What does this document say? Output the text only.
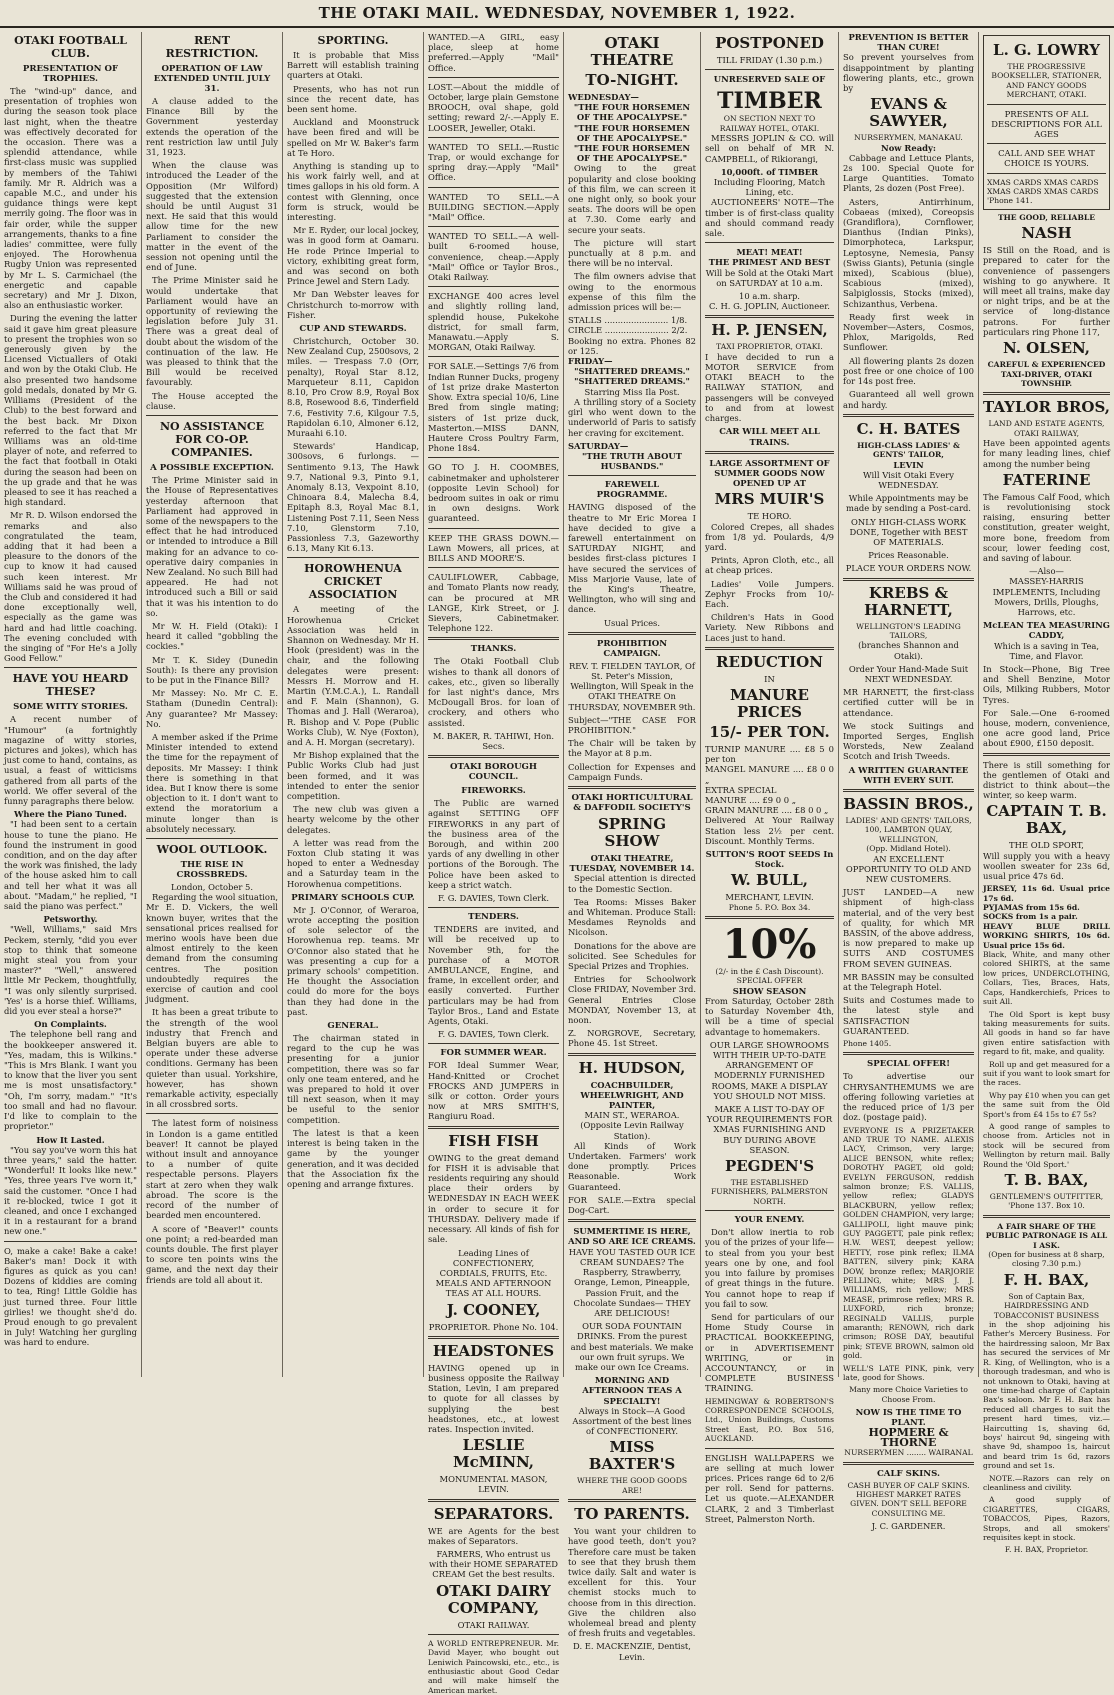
THE OTAKI MAIL. WEDNESDAY, NOVEMBER 1, 1922.
OTAKI FOOTBALL CLUB.
PRESENTATION OF TROPHIES.

The "wind-up" dance, and presentation of trophies won during the season took place last night, when the theatre was effectively decorated for the occasion. There was a splendid attendance, while first-class music was supplied by members of the Tahiwi family. Mr R. Aldrich was a capable M.C., and under his guidance things were kept merrily going. The floor was in fair order, while the supper arrangements, thanks to a fine ladies' committee, were fully enjoyed. The Horowhenua Rugby Union was represented by Mr L. S. Carmichael (the energetic and capable secretary) and Mr J. Dixon, also an enthusiastic worker.

During the evening the latter said it gave him great pleasure to present the trophies won so generously given by the Licensed Victuallers of Otaki and won by the Otaki Club. He also presented two handsome gold medals, donated by Mr G. Williams (President of the Club) to the best forward and the best back. Mr Dixon referred to the fact that Mr Williams was an old-time player of note, and referred to the fact that football in Otaki during the season had been on the up grade and that he was pleased to see it has reached a high standard.

Mr R. D. Wilson endorsed the remarks and also congratulated the team, adding that it had been a pleasure to the donors of the cup to know it had caused such keen interest. Mr Williams said he was proud of the Club and considered it had done exceptionally well, especially as the game was hard and had little coaching. The evening concluded with the singing of "For He's a Jolly Good Fellow."

HAVE YOU HEARD THESE?
SOME WITTY STORIES.

A recent number of "Humour" (a fortnightly magazine of witty stories, pictures and jokes), which has just come to hand, contains, as usual, a feast of witticisms gathered from all parts of the world. We offer several of the funny paragraphs there below.

Where the Piano Tuned.

"I had been sent to a certain house to tune the piano. He found the instrument in good condition, and on the day after the work was finished, the lady of the house asked him to call and tell her what it was all about. "Madam," he replied, "I said the piano was perfect."

Petsworthy.

"Well, Williams," said Mrs Peckem, sternly, "did you ever stop to think that someone might steal you from your master?" "Well," answered little Mr Peckem, thoughtfully, "I was only silently surprised. 'Yes' is a horse thief. Williams, did you ever steal a horse?"

On Complaints.

The telephone bell rang and the bookkeeper answered it. "Yes, madam, this is Wilkins." "This is Mrs Blank. I want you to know that the liver you sent me is most unsatisfactory." "Oh, I'm sorry, madam." "It's too small and had no flavour. I'd like to complain to the proprietor."

How It Lasted.

"You say you've worn this hat three years," said the hatter. "Wonderful! It looks like new." "Yes, three years I've worn it," said the customer. "Once I had it re-blocked, twice I got it cleaned, and once I exchanged it in a restaurant for a brand new one."

O, make a cake! Bake a cake! Baker's man! Dock it with figures as quick as you can! Dozens of kiddies are coming to tea, Ring! Little Goldie has just turned three. Four little girlies! we thought she'd do. Proud enough to go prevalent in July! Watching her gurgling was hard to endure.

RENT RESTRICTION.
OPERATION OF LAW EXTENDED UNTIL JULY 31.

A clause added to the Finance Bill by the Government yesterday extends the operation of the rent restriction law until July 31, 1923.

When the clause was introduced the Leader of the Opposition (Mr Wilford) suggested that the extension should be until August 31 next. He said that this would allow time for the new Parliament to consider the matter in the event of the session not opening until the end of June.

The Prime Minister said he would undertake that Parliament would have an opportunity of reviewing the legislation before July 31. There was a great deal of doubt about the wisdom of the continuation of the law. He was pleased to think that the Bill would be received favourably.

The House accepted the clause.

NO ASSISTANCE FOR CO-OP. COMPANIES.
A POSSIBLE EXCEPTION.

The Prime Minister said in the House of Representatives yesterday afternoon that Parliament had approved in some of the newspapers to the effect that he had introduced or intended to introduce a Bill making for an advance to co-operative dairy companies in New Zealand. No such Bill had appeared. He had not introduced such a Bill or said that it was his intention to do so.

Mr W. H. Field (Otaki): I heard it called "gobbling the cockies."

Mr T. K. Sidey (Dunedin South): Is there any provision to be put in the Finance Bill?

Mr Massey: No. Mr C. E. Statham (Dunedin Central): Any guarantee? Mr Massey: No.

A member asked if the Prime Minister intended to extend the time for the repayment of deposits. Mr Massey: I think there is something in that idea. But I know there is some objection to it. I don't want to extend the moratorium a minute longer than is absolutely necessary.

WOOL OUTLOOK.
THE RISE IN CROSSBREDS.
London, October 5.

Regarding the wool situation, Mr E. D. Vickers, the well known buyer, writes that the sensational prices realised for merino wools have been due almost entirely to the keen demand from the consuming centres. The position undoubtedly requires the exercise of caution and cool judgment.

It has been a great tribute to the strength of the wool industry that French and Belgian buyers are able to operate under these adverse conditions. Germany has been quieter than usual. Yorkshire, however, has shown remarkable activity, especially in all crossbred sorts.

The latest form of noisiness in London is a game entitled beaver! It cannot be played without insult and annoyance to a number of quite respectable persons. Players start at zero when they walk abroad. The score is the record of the number of bearded men encountered.

A score of "Beaver!" counts one point; a red-bearded man counts double. The first player to score ten points wins the game, and the next day their friends are told all about it.

SPORTING.

It is probable that Miss Barrett will establish training quarters at Otaki.

Presents, who has not run since the recent date, has been sent home.

Auckland and Moonstruck have been fired and will be spelled on Mr W. Baker's farm at Te Horo.

Anything is standing up to his work fairly well, and at times gallops in his old form. A contest with Glenning, once form is struck, would be interesting.

Mr E. Ryder, our local jockey, was in good form at Oamaru. He rode Prince Imperial to victory, exhibiting great form, and was second on both Prince Jewel and Stern Lady.

Mr Dan Webster leaves for Christchurch to-morrow with Fisher.

CUP AND STEWARDS.

Christchurch, October 30. New Zealand Cup, 2500sovs, 2 miles. — Trespass 7.0 (Orr, penalty), Royal Star 8.12, Marqueteur 8.11, Capidon 8.10, Pro Crow 8.9, Royal Box 8.8, Rosewood 8.6, Tinderfield 7.6, Festivity 7.6, Kilgour 7.5, Rapidolan 6.10, Almoner 6.12, Muraahi 6.10.

Stewards' Handicap, 300sovs, 6 furlongs. — Sentimento 9.13, The Hawk 9.7, National 9.3, Pinto 9.1, Anomaly 8.13, Vexpoint 8.10, Chinoara 8.4, Malecha 8.4, Epitaph 8.3, Royal Mac 8.1, Listening Post 7.11, Seen Ness 7.10, Glenstorm 7.10, Passionless 7.3, Gazeworthy 6.13, Many Kit 6.13.

HOROWHENUA CRICKET ASSOCIATION

A meeting of the Horowhenua Cricket Association was held in Shannon on Wednesday. Mr H. Hook (president) was in the chair, and the following delegates were present: Messrs H. Morrow and H. Martin (Y.M.C.A.), L. Randall and F. Main (Shannon), G. Thomas and J. Hall (Weraroa), R. Bishop and V. Pope (Public Works Club), W. Nye (Foxton), and A. H. Morgan (secretary).

Mr Bishop explained that the Public Works Club had just been formed, and it was intended to enter the senior competition.

The new club was given a hearty welcome by the other delegates.

A letter was read from the Foxton Club stating it was hoped to enter a Wednesday and a Saturday team in the Horowhenua competitions.

PRIMARY SCHOOLS CUP.

Mr J. O'Connor, of Weraroa, wrote accepting the position of sole selector of the Horowhenua rep. teams. Mr O'Connor also stated that he was presenting a cup for a primary schools' competition. He thought the Association could do more for the boys than they had done in the past.

GENERAL.

The chairman stated in regard to the cup he was presenting for a junior competition, there was so far only one team entered, and he was prepared to hold it over till next season, when it may be useful to the senior competition.

The latest is that a keen interest is being taken in the game by the younger generation, and it was decided that the Association fix the opening and arrange fixtures.

WANTED.—A GIRL, easy place, sleep at home preferred.—Apply "Mail" Office.

LOST.—About the middle of October, large plain Gemstone BROOCH, oval shape, gold setting; reward 2/-.—Apply E. LOOSER, Jeweller, Otaki.

WANTED TO SELL.—Rustic Trap, or would exchange for spring dray.—Apply "Mail" Office.

WANTED TO SELL.—A BUILDING SECTION.—Apply "Mail" Office.

WANTED TO SELL.—A well-built 6-roomed house, convenience, cheap.—Apply "Mail" Office or Taylor Bros., Otaki Railway.

EXCHANGE 400 acres level and slightly rolling land, splendid house, Pukekohe district, for small farm, Manawatu.—Apply S. MORGAN, Otaki Railway.

FOR SALE.—Settings 7/6 from Indian Runner Ducks, progeny of 1st prize drake Masterton Show. Extra special 10/6, Line Bred from single mating; sisters of 1st prize duck, Masterton.—MISS DANN, Hautere Cross Poultry Farm, Phone 18s4.

GO TO J. H. COOMBES, cabinetmaker and upholsterer (opposite Levin School) for bedroom suites in oak or rimu in own designs. Work guaranteed.

KEEP THE GRASS DOWN.—Lawn Mowers, all prices, at BILLS AND MOORE'S.

CAULIFLOWER, Cabbage, and Tomato Plants now ready, can be procured at MR LANGE, Kirk Street, or J. Sievers, Cabinetmaker. Telephone 122.

THANKS.

The Otaki Football Club wishes to thank all donors of cakes, etc., given so liberally for last night's dance, Mrs McDougall Bros. for loan of crockery, and others who assisted.

M. BAKER, R. TAHIWI, Hon. Secs.
OTAKI BOROUGH COUNCIL.
FIREWORKS.

The Public are warned against SETTING OFF FIREWORKS in any part of the business area of the Borough, and within 200 yards of any dwelling in other portions of the Borough. The Police have been asked to keep a strict watch.

F. G. DAVIES, Town Clerk.
TENDERS.

TENDERS are invited, and will be received up to November 9th, for the purchase of a MOTOR AMBULANCE, Engine, and frame, in excellent order, and easily converted. Further particulars may be had from Taylor Bros., Land and Estate Agents, Otaki.

F. G. DAVIES, Town Clerk.
FOR SUMMER WEAR.

FOR Ideal Summer Wear, Hand-Knitted or Crochet FROCKS AND JUMPERS in silk or cotton. Order yours now at MRS SMITH'S, Rangiuru Road.

FISH FISH

OWING to the great demand for FISH it is advisable that residents requiring any should place their orders by WEDNESDAY IN EACH WEEK in order to secure it for THURSDAY. Delivery made if necessary. All kinds of fish for sale.

Leading Lines of CONFECTIONERY, CORDIALS, FRUITS, Etc. MEALS AND AFTERNOON TEAS AT ALL HOURS.

J. COONEY,
PROPRIETOR. Phone No. 104.
HEADSTONES

HAVING opened up in business opposite the Railway Station, Levin, I am prepared to quote for all classes by supplying the best headstones, etc., at lowest rates. Inspection invited.

LESLIE McMINN,
MONUMENTAL MASON, LEVIN.
SEPARATORS.

WE are Agents for the best makes of Separators.

FARMERS, Who entrust us with their HOME SEPARATED CREAM Get the best results.

OTAKI DAIRY COMPANY,
OTAKI RAILWAY.

A WORLD ENTREPRENEUR. Mr. David Mayer, who bought out Leniwich Paincowski, etc., etc., is enthusiastic about Good Cedar and will make himself the American market.

OTAKI THEATRE
TO-NIGHT.
WEDNESDAY—
"THE FOUR HORSEMEN OF THE APOCALYPSE."
"THE FOUR HORSEMEN OF THE APOCALYPSE."
"THE FOUR HORSEMEN OF THE APOCALYPSE."

Owing to the great popularity and close booking of this film, we can screen it one night only, so book your seats. The doors will be open at 7.30. Come early and secure your seats.

The picture will start punctually at 8 p.m. and there will be no interval.

The film owners advise that owing to the enormous expense of this film the admission prices will be:—

STALLS ........................ 1/8.
CIRCLE ........................ 2/2.
Booking no extra. Phones 82 or 125.
FRIDAY—
"SHATTERED DREAMS."
"SHATTERED DREAMS."
Starring Miss Ila Post.

A thrilling story of a Society girl who went down to the underworld of Paris to satisfy her craving for excitement.

SATURDAY—
"THE TRUTH ABOUT HUSBANDS."
FAREWELL PROGRAMME.

HAVING disposed of the theatre to Mr Eric Morea I have decided to give a farewell entertainment on SATURDAY NIGHT, and besides first-class pictures I have secured the services of Miss Marjorie Vause, late of the King's Theatre, Wellington, who will sing and dance.

Usual Prices.
PROHIBITION CAMPAIGN.

REV. T. FIELDEN TAYLOR, Of St. Peter's Mission, Wellington, Will Speak in the OTAKI THEATRE On THURSDAY, NOVEMBER 9th.

Subject—"THE CASE FOR PROHIBITION."

The Chair will be taken by the Mayor at 8 p.m.

Collection for Expenses and Campaign Funds.

OTAKI HORTICULTURAL & DAFFODIL SOCIETY'S
SPRING SHOW
OTAKI THEATRE, TUESDAY, NOVEMBER 14.

Special attention is directed to the Domestic Section.

Tea Rooms: Misses Baker and Whiteman. Produce Stall: Mesdames Reynolds and Nicolson.

Donations for the above are solicited. See Schedules for Special Prizes and Trophies.

Entries for Schoolwork Close FRIDAY, November 3rd. General Entries Close MONDAY, November 13, at noon.

Z. NORGROVE, Secretary, Phone 45. 1st Street.
H. HUDSON,
COACHBUILDER, WHEELWRIGHT, AND PAINTER,
MAIN ST., WERAROA. (Opposite Levin Railway Station).

All Kinds of Work Undertaken. Farmers' work done promptly. Prices Reasonable. Work Guaranteed.

FOR SALE.—Extra special Dog-Cart.

SUMMERTIME IS HERE, AND SO ARE ICE CREAMS.

HAVE YOU TASTED OUR ICE CREAM SUNDAES? The Raspberry, Strawberry, Orange, Lemon, Pineapple, Passion Fruit, and the Chocolate Sundaes— THEY ARE DELICIOUS!

OUR SODA FOUNTAIN DRINKS. From the purest and best materials. We make our own fruit syrups. We make our own Ice Creams.

MORNING AND AFTERNOON TEAS A SPECIALTY!

Always in Stock—A Good Assortment of the best lines of CONFECTIONERY.

MISS BAXTER'S
WHERE THE GOOD GOODS ARE!
TO PARENTS.

You want your children to have good teeth, don't you? Therefore care must be taken to see that they brush them twice daily. Salt and water is excellent for this. Your chemist stocks much to choose from in this direction. Give the children also wholemeal bread and plenty of fresh fruits and vegetables.

D. E. MACKENZIE, Dentist, Levin.
POSTPONED
TILL FRIDAY (1.30 p.m.)
UNRESERVED SALE OF
TIMBER
ON SECTION NEXT TO RAILWAY HOTEL, OTAKI.

MESSRS JOPLIN & CO. will sell on behalf of MR N. CAMPBELL, of Rikiorangi,

10,000ft. of TIMBER
Including Flooring, Match Lining, etc.

AUCTIONEERS' NOTE—The timber is of first-class quality and should command ready sale.

MEAT! MEAT!
THE PRIMEST AND BEST

Will be Sold at the Otaki Mart on SATURDAY at 10 a.m.

10 a.m. sharp.
C. H. G. JOPLIN, Auctioneer.
H. P. JENSEN,
TAXI PROPRIETOR, OTAKI.

I have decided to run a MOTOR SERVICE from OTAKI BEACH to the RAILWAY STATION, and passengers will be conveyed to and from at lowest charges.

CAR WILL MEET ALL TRAINS.
LARGE ASSORTMENT OF SUMMER GOODS NOW OPENED UP AT
MRS MUIR'S
TE HORO.

Colored Crepes, all shades from 1/8 yd. Poulards, 4/9 yard.

Prints, Apron Cloth, etc., all at cheap prices.

Ladies' Voile Jumpers. Zephyr Frocks from 10/- Each.

Children's Hats in Good Variety. New Ribbons and Laces just to hand.

REDUCTION
IN
MANURE PRICES
15/- PER TON.
TURNIP MANURE .... £8 5 0 per ton
MANGEL MANURE .... £8 0 0 „
EXTRA SPECIAL
MANURE .... £9 0 0 „
GRAIN MANURE .... £8 0 0 „

Delivered At Your Railway Station less 2½ per cent. Discount. Monthly Terms.

SUTTON'S ROOT SEEDS In Stock.
W. BULL,
MERCHANT, LEVIN.
Phone 5. P.O. Box 34.
10%
(2/- in the £ Cash Discount). SPECIAL OFFER
SHOW SEASON

From Saturday, October 28th to Saturday November 4th, will be a time of special advantage to homemakers.

OUR LARGE SHOWROOMS WITH THEIR UP-TO-DATE ARRANGEMENT OF MODERNLY FURNISHED ROOMS, MAKE A DISPLAY YOU SHOULD NOT MISS.

MAKE A LIST TO-DAY OF YOUR REQUIREMENTS FOR XMAS FURNISHING AND BUY DURING ABOVE SEASON.

PEGDEN'S
THE ESTABLISHED FURNISHERS, PALMERSTON NORTH.
YOUR ENEMY.

Don't allow inertia to rob you of the prizes of your life—to steal from you your best years one by one, and fool you into failure by promises of great things in the future. You cannot hope to reap if you fail to sow.

Send for particulars of our Home Study Course in PRACTICAL BOOKKEEPING, or in ADVERTISEMENT WRITING, or in ACCOUNTANCY, or in COMPLETE BUSINESS TRAINING.

HEMINGWAY & ROBERTSON'S CORRESPONDENCE SCHOOLS, Ltd., Union Buildings, Customs Street East, P.O. Box 516, AUCKLAND.

ENGLISH WALLPAPERS we are selling at much lower prices. Prices range 6d to 2/6 per roll. Send for patterns. Let us quote.—ALEXANDER CLARK, 2 and 3 Timberlast Street, Palmerston North.

PREVENTION IS BETTER THAN CURE!

So prevent yourselves from disappointment by planting flowering plants, etc., grown by

EVANS & SAWYER,
NURSERYMEN, MANAKAU.
Now Ready:

Cabbage and Lettuce Plants, 2s 100. Special Quote for Large Quantities. Tomato Plants, 2s dozen (Post Free).

Asters, Antirrhinum, Cobaeas (mixed), Coreopsis (Grandiflora), Cornflower, Dianthus (Indian Pinks), Dimorphoteca, Larkspur, Leptosyne, Nemesia, Pansy (Swiss Giants), Petunia (single mixed), Scabious (blue), Scabious (mixed), Salpiglossis, Stocks (mixed), Schizanthus, Verbena.

Ready first week in November—Asters, Cosmos, Phlox, Marigolds, Red Sunflower.

All flowering plants 2s dozen post free or one choice of 100 for 14s post free.

Guaranteed all well grown and hardy.

C. H. BATES
HIGH-CLASS LADIES' & GENTS' TAILOR,
LEVIN

Will Visit Otaki Every WEDNESDAY.

While Appointments may be made by sending a Post-card.

ONLY HIGH-CLASS WORK DONE, Together with BEST OF MATERIALS.

Prices Reasonable.

PLACE YOUR ORDERS NOW.

KREBS & HARNETT,
WELLINGTON'S LEADING TAILORS,

(branches Shannon and Otaki).

Order Your Hand-Made Suit NEXT WEDNESDAY.

MR HARNETT, the first-class certified cutter will be in attendance.

We stock Suitings and Imported Serges, English Worsteds, New Zealand Scotch and Irish Tweeds.

A WRITTEN GUARANTEE WITH EVERY SUIT.
BASSIN BROS.,
LADIES' AND GENTS' TAILORS, 100, LAMBTON QUAY, WELLINGTON,
(Opp. Midland Hotel).

AN EXCELLENT OPPORTUNITY TO OLD AND NEW CUSTOMERS.

JUST LANDED—A new shipment of high-class material, and of the very best of quality, for which MR BASSIN, of the above address, is now prepared to make up SUITS AND COSTUMES FROM SEVEN GUINEAS.

MR BASSIN may be consulted at the Telegraph Hotel.

Suits and Costumes made to the latest style and SATISFACTION GUARANTEED.

Phone 1405.
SPECIAL OFFER!

To advertise our CHRYSANTHEMUMS we are offering following varieties at the reduced price of 1/3 per doz. (postage paid).

EVERYONE IS A PRIZETAKER AND TRUE TO NAME. ALEXIS LACY, Crimson, very large; ALICE BENSON, white reflex; DOROTHY PAGET, old gold; EVELYN FERGUSON, reddish salmon bronze; F.S. VALLIS, yellow reflex; GLADYS BLACKBURN, yellow reflex; GOLDEN CHAMPION, very large; GALLIPOLI, light mauve pink; GUY PAGGETT, pale pink reflex; H.W. WEST, deepest yellow; HETTY, rose pink reflex; ILMA BATTEN, silvery pink; KARA DOW, bronze reflex; MARJORIE PELLING, white; MRS J. J. WILLIAMS, rich yellow; MRS MEASE, primrose reflex; MRS R. LUXFORD, rich bronze; REGINALD VALLIS, purple amaranth; RENOWN, rich dark crimson; ROSE DAY, beautiful pink; STEVE BROWN, salmon old gold.

WELL'S LATE PINK, pink, very late, good for Shows.

Many more Choice Varieties to Choose From.

NOW IS THE TIME TO PLANT.
HOPMERE & THORNE
NURSERYMEN ........ WAIRANAL
CALF SKINS.

CASH BUYER OF CALF SKINS. HIGHEST MARKET RATES GIVEN. DON'T SELL BEFORE CONSULTING ME.

J. C. GARDENER.
L. G. LOWRY
THE PROGRESSIVE BOOKSELLER, STATIONER, AND FANCY GOODS MERCHANT, OTAKI.
PRESENTS OF ALL DESCRIPTIONS FOR ALL AGES
CALL AND SEE WHAT CHOICE IS YOURS.
XMAS CARDS XMAS CARDS
XMAS CARDS XMAS CARDS
'Phone 141.
THE GOOD, RELIABLE
NASH

IS Still on the Road, and is prepared to cater for the convenience of passengers wishing to go anywhere. It will meet all trains, make day or night trips, and be at the service of long-distance patrons. For further particulars ring Phone 117,

N. OLSEN,
CAREFUL & EXPERIENCED TAXI-DRIVER, OTAKI TOWNSHIP.
TAYLOR BROS,
LAND AND ESTATE AGENTS, OTAKI RAILWAY,

Have been appointed agents for many leading lines, chief among the number being

FATERINE

The Famous Calf Food, which is revolutionising stock raising, ensuring better constitution, greater weight, more bone, freedom from scour, lower feeding cost, and saving of labour.

—Also—

MASSEY-HARRIS IMPLEMENTS, Including Mowers, Drills, Ploughs, Harrows, etc.

McLEAN TEA MEASURING CADDY,

Which is a saving in Tea, Time, and Flavor.

In Stock—Phone, Big Tree and Shell Benzine, Motor Oils, Milking Rubbers, Motor Tyres.

For Sale.—One 6-roomed house, modern, convenience, one acre good land, Price about £900, £150 deposit.

There is still something for the gentlemen of Otaki and district to think about—the winter, so keep warm.

CAPTAIN T. B. BAX,
THE OLD SPORT,

Will supply you with a heavy woollen sweater for 23s 6d, usual price 47s 6d.

JERSEY, 11s 6d. Usual price 17s 6d.
PYJAMAS from 15s 6d.
SOCKS from 1s a pair.
HEAVY BLUE DRILL WORKING SHIRTS, 10s 6d. Usual price 15s 6d.

Black, White, and many other colored SHIRTS, at the same low prices, UNDERCLOTHING, Collars, Ties, Braces, Hats, Caps, Handkerchiefs, Prices to suit All.

The Old Sport is kept busy taking measurements for suits. All goods in hand so far have given entire satisfaction with regard to fit, make, and quality.

Roll up and get measured for a suit if you want to look smart for the races.

Why pay £10 when you can get the same suit from the Old Sport's from £4 15s to £7 5s?

A good range of samples to choose from. Articles not in stock will be secured from Wellington by return mail. Bally Round the 'Old Sport.'

T. B. BAX,
GENTLEMEN'S OUTFITTER, 'Phone 137. Box 10.
A FAIR SHARE OF THE PUBLIC PATRONAGE IS ALL I ASK.
(Open for business at 8 sharp, closing 7.30 p.m.)
F. H. BAX,
Son of Captain Bax, HAIRDRESSING AND TOBACCONIST BUSINESS

in the shop adjoining his Father's Mercery Business. For the hairdressing saloon, Mr Bax has secured the services of Mr R. King, of Wellington, who is a thorough tradesman, and who is not unknown to Otaki, having at one time-had charge of Captain Bax's saloon. Mr F. H. Bax has reduced all charges to suit the present hard times, viz.—Haircutting 1s, shaving 6d, boys' haircut 9d, singeing with shave 9d, shampoo 1s, haircut and beard trim 1s 6d, razors ground and set 1s.

NOTE.—Razors can rely on cleanliness and civility.

A good supply of CIGARETTES, CIGARS, TOBACCOS, Pipes, Razors, Strops, and all smokers' requisites kept in stock.

F. H. BAX, Proprietor.
